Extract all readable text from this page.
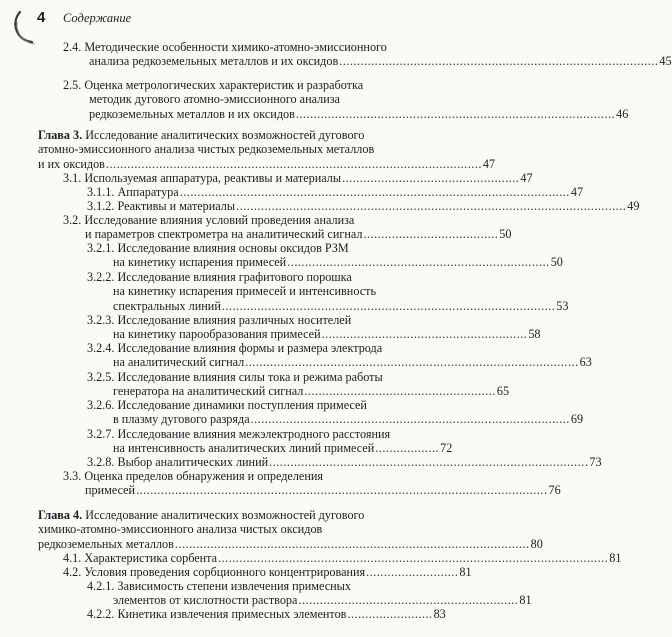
4 Содержание
2.4. Методические особенности химико-атомно-эмиссионного
анализа редкоземельных металлов и их оксидов .......................................................................................... 45
2.5. Оценка метрологических характеристик и разработка
методик дугового атомно-эмиссионного анализа
редкоземельных металлов и их оксидов .......................................................................................... 46
Глава 3. Исследование аналитических возможностей дугового
атомно-эмиссионного анализа чистых редкоземельных металлов
и их оксидов .......................................................................................................... 47
3.1. Используемая аппаратура, реактивы и материалы .................................................. 47
3.1.1. Аппаратура .............................................................................................................. 47
3.1.2. Реактивы и материалы .............................................................................................................. 49
3.2. Исследование влияния условий проведения анализа
и параметров спектрометра на аналитический сигнал ...................................... 50
3.2.1. Исследование влияния основы оксидов РЗМ
на кинетику испарения примесей .......................................................................... 50
3.2.2. Исследование влияния графитового порошка
на кинетику испарения примесей и интенсивность
спектральных линий .............................................................................................. 53
3.2.3. Исследование влияния различных носителей
на кинетику парообразования примесей .......................................................... 58
3.2.4. Исследование влияния формы и размера электрода
на аналитический сигнал .............................................................................................. 63
3.2.5. Исследование влияния силы тока и режима работы
генератора на аналитический сигнал ...................................................... 65
3.2.6. Исследование динамики поступления примесей
в плазму дугового разряда .......................................................................................... 69
3.2.7. Исследование влияния межэлектродного расстояния
на интенсивность аналитических линий примесей .................. 72
3.2.8. Выбор аналитических линий .......................................................................................... 73
3.3. Оценка пределов обнаружения и определения
примесей .................................................................................................................... 76
Глава 4. Исследование аналитических возможностей дугового
химико-атомно-эмиссионного анализа чистых оксидов
редкоземельных металлов .................................................................................................... 80
4.1. Характеристика сорбента .............................................................................................................. 81
4.2. Условия проведения сорбционного концентрирования .......................... 81
4.2.1. Зависимость степени извлечения примесных
элементов от кислотности раствора .............................................................. 81
4.2.2. Кинетика извлечения примесных элементов ........................ 83
